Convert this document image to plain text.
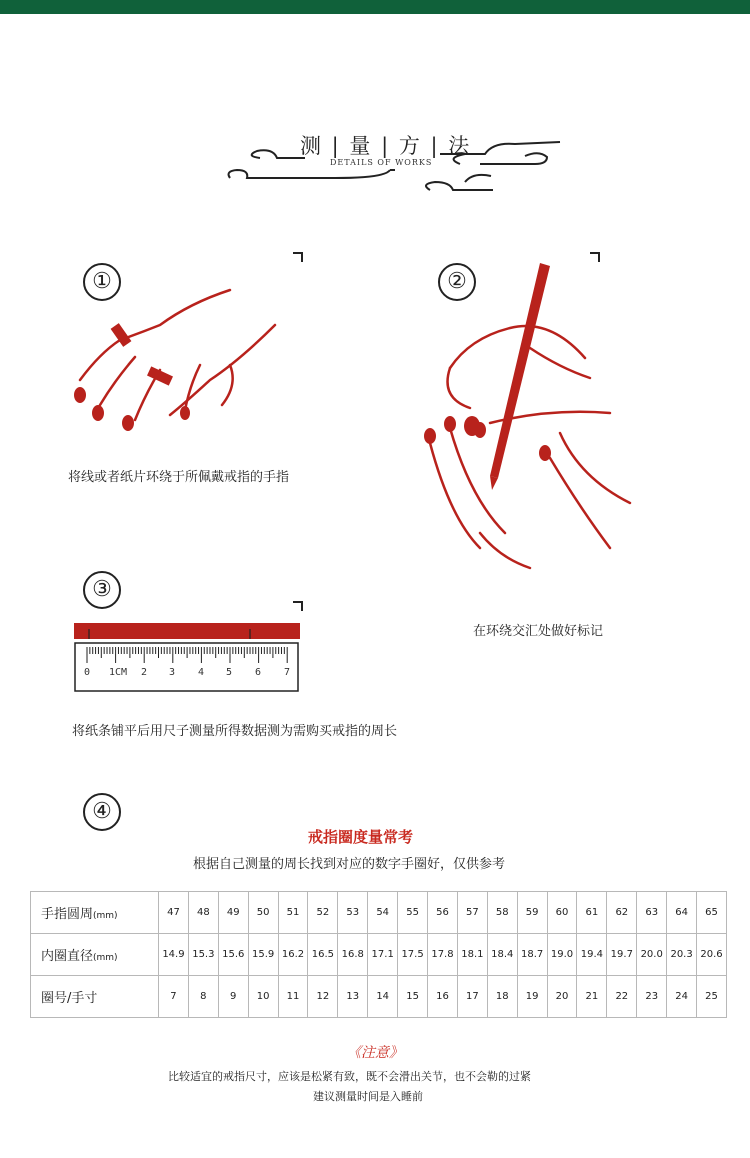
测 | 量 | 方 | 法
DETAILS OF WORKS
①
将线或者纸片环绕于所佩戴戒指的手指
②
在环绕交汇处做好标记
③
0 1CM 2 3 4 5 6 7
将纸条铺平后用尺子测量所得数据测为需购买戒指的周长
④
戒指圈度量常考
根据自己测量的周长找到对应的数字手圈好，仅供参考
手指圆周(mm)	47	48	49	50	51	52	53	54	55	56	57	58	59	60	61	62	63	64	65
内圈直径(mm)	14.9	15.3	15.6	15.9	16.2	16.5	16.8	17.1	17.5	17.8	18.1	18.4	18.7	19.0	19.4	19.7	20.0	20.3	20.6
圈号/手寸	7	8	9	10	11	12	13	14	15	16	17	18	19	20	21	22	23	24	25
《注意》
比较适宜的戒指尺寸，应该是松紧有致，既不会滑出关节，也不会勒的过紧
建议测量时间是入睡前
